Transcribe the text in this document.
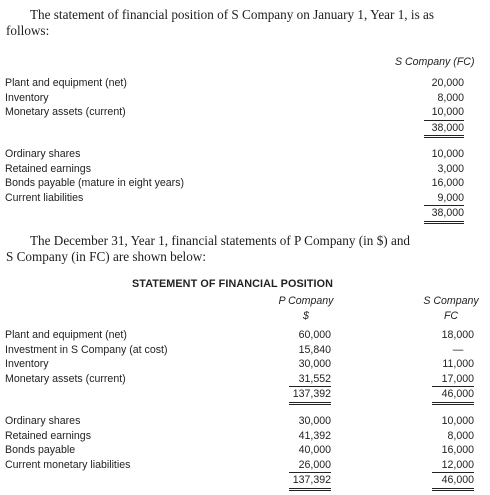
The statement of financial position of S Company on January 1, Year 1, is as
follows:
S Company (FC)
Plant and equipment (net)
Inventory
Monetary assets (current)
20,000
8,000
10,000
38,000
Ordinary shares
Retained earnings
Bonds payable (mature in eight years)
Current liabilities
10,000
3,000
16,000
9,000
38,000
The December 31, Year 1, financial statements of P Company (in $) and
S Company (in FC) are shown below:
STATEMENT OF FINANCIAL POSITION
P Company
$
S Company
FC
Plant and equipment (net)
Investment in S Company (at cost)
Inventory
Monetary assets (current)
60,000
15,840
30,000
31,552
137,392
18,000
—
11,000
17,000
46,000
Ordinary shares
Retained earnings
Bonds payable
Current monetary liabilities
30,000
41,392
40,000
26,000
137,392
10,000
8,000
16,000
12,000
46,000
